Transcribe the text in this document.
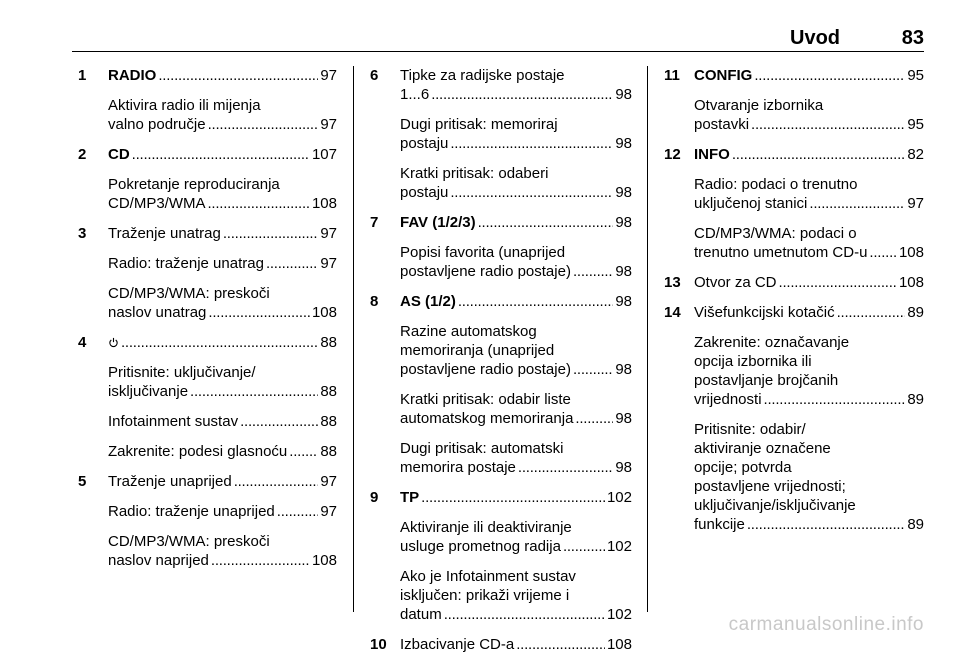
Uvod	83
1 RADIO . . .	97
Aktivira radio ili mijenja
valno područje . . .	97
2 CD . . .	107
Pokretanje reproduciranja
CD/MP3/WMA . . .	108
3 Traženje unatrag . . .	97
Radio: traženje unatrag . . .	97
CD/MP3/WMA: preskoči
naslov unatrag . . .	108
4 . . .	88
Pritisnite: uključivanje/
isključivanje . . .	88
Infotainment sustav . . .	88
Zakrenite: podesi glasnoću . . . 88
5 Traženje unaprijed . . .	97
Radio: traženje unaprijed . . .	97
CD/MP3/WMA: preskoči
naslov naprijed . . .	108
6 Tipke za radijske postaje
1...6 . . .	98
Dugi pritisak: memoriraj
postaju . . .	98
Kratki pritisak: odaberi
postaju . . .	98
7 FAV (1/2/3) . . .	98
Popisi favorita (unaprijed
postavljene radio postaje) . . .	98
8 AS (1/2) . . .	98
Razine automatskog
memoriranja (unaprijed
postavljene radio postaje) . . .	98
Kratki pritisak: odabir liste
automatskog memoriranja . . .	98
Dugi pritisak: automatski
memorira postaje . . .	98
9 TP . . .	102
Aktiviranje ili deaktiviranje
usluge prometnog radija . . .	102
Ako je Infotainment sustav
isključen: prikaži vrijeme i
datum . . .	102
10 Izbacivanje CD-a . . .	108
11 CONFIG . . .	95
Otvaranje izbornika
postavki . . .	95
12 INFO . . .	82
Radio: podaci o trenutno
uključenoj stanici . . .	97
CD/MP3/WMA: podaci o
trenutno umetnutom CD-u . . . 108
13 Otvor za CD . . .	108
14 Višefunkcijski kotačić . . .	89
Zakrenite: označavanje
opcija izbornika ili
postavljanje brojčanih
vrijednosti . . .	89
Pritisnite: odabir/
aktiviranje označene
opcije; potvrda
postavljene vrijednosti;
uključivanje/isključivanje
funkcije . . .	89
carmanualsonline.info
